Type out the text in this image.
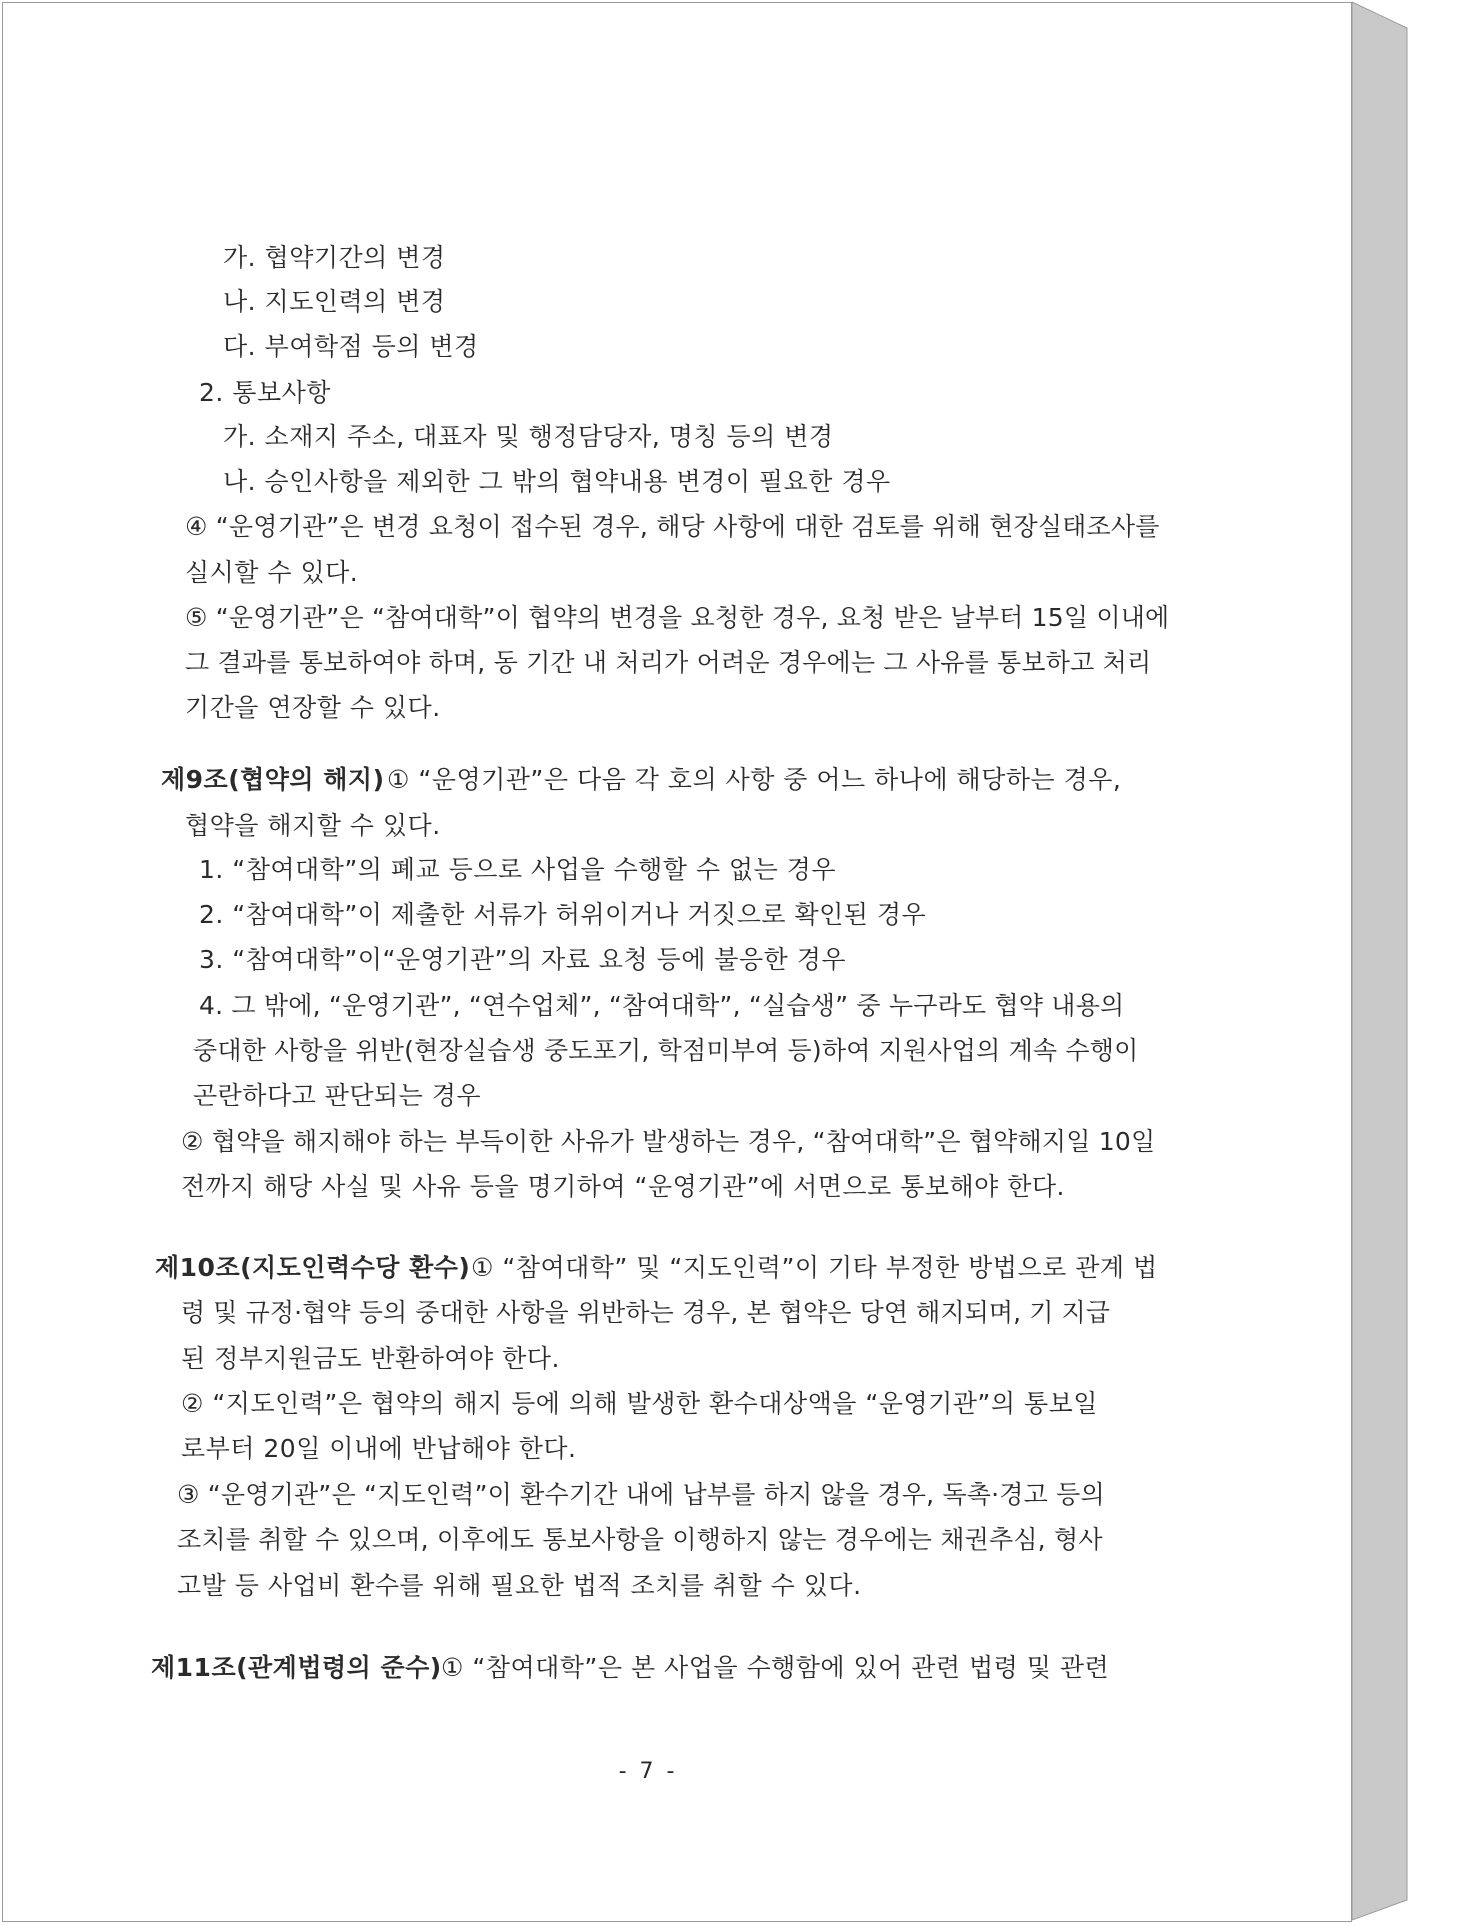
가. 협약기간의 변경
나. 지도인력의 변경
다. 부여학점 등의 변경
2. 통보사항
가. 소재지 주소, 대표자 및 행정담당자, 명칭 등의 변경
나. 승인사항을 제외한 그 밖의 협약내용 변경이 필요한 경우
④ “운영기관”은 변경 요청이 접수된 경우, 해당 사항에 대한 검토를 위해 현장실태조사를
실시할 수 있다.
⑤ “운영기관”은 “참여대학”이 협약의 변경을 요청한 경우, 요청 받은 날부터 15일 이내에
그 결과를 통보하여야 하며, 동 기간 내 처리가 어려운 경우에는 그 사유를 통보하고 처리
기간을 연장할 수 있다.
제9조(협약의 해지) ① “운영기관”은 다음 각 호의 사항 중 어느 하나에 해당하는 경우,
협약을 해지할 수 있다.
1. “참여대학”의 폐교 등으로 사업을 수행할 수 없는 경우
2. “참여대학”이 제출한 서류가 허위이거나 거짓으로 확인된 경우
3. “참여대학”이“운영기관”의 자료 요청 등에 불응한 경우
4. 그 밖에, “운영기관”, “연수업체”, “참여대학”, “실습생” 중 누구라도 협약 내용의
중대한 사항을 위반(현장실습생 중도포기, 학점미부여 등)하여 지원사업의 계속 수행이
곤란하다고 판단되는 경우
② 협약을 해지해야 하는 부득이한 사유가 발생하는 경우, “참여대학”은 협약해지일 10일
전까지 해당 사실 및 사유 등을 명기하여 “운영기관”에 서면으로 통보해야 한다.
제10조(지도인력수당 환수) ① “참여대학” 및 “지도인력”이 기타 부정한 방법으로 관계 법
령 및 규정·협약 등의 중대한 사항을 위반하는 경우, 본 협약은 당연 해지되며, 기 지급
된 정부지원금도 반환하여야 한다.
② “지도인력”은 협약의 해지 등에 의해 발생한 환수대상액을 “운영기관”의 통보일
로부터 20일 이내에 반납해야 한다.
③ “운영기관”은 “지도인력”이 환수기간 내에 납부를 하지 않을 경우, 독촉·경고 등의
조치를 취할 수 있으며, 이후에도 통보사항을 이행하지 않는 경우에는 채권추심, 형사
고발 등 사업비 환수를 위해 필요한 법적 조치를 취할 수 있다.
제11조(관계법령의 준수) ① “참여대학”은 본 사업을 수행함에 있어 관련 법령 및 관련
- 7 -
